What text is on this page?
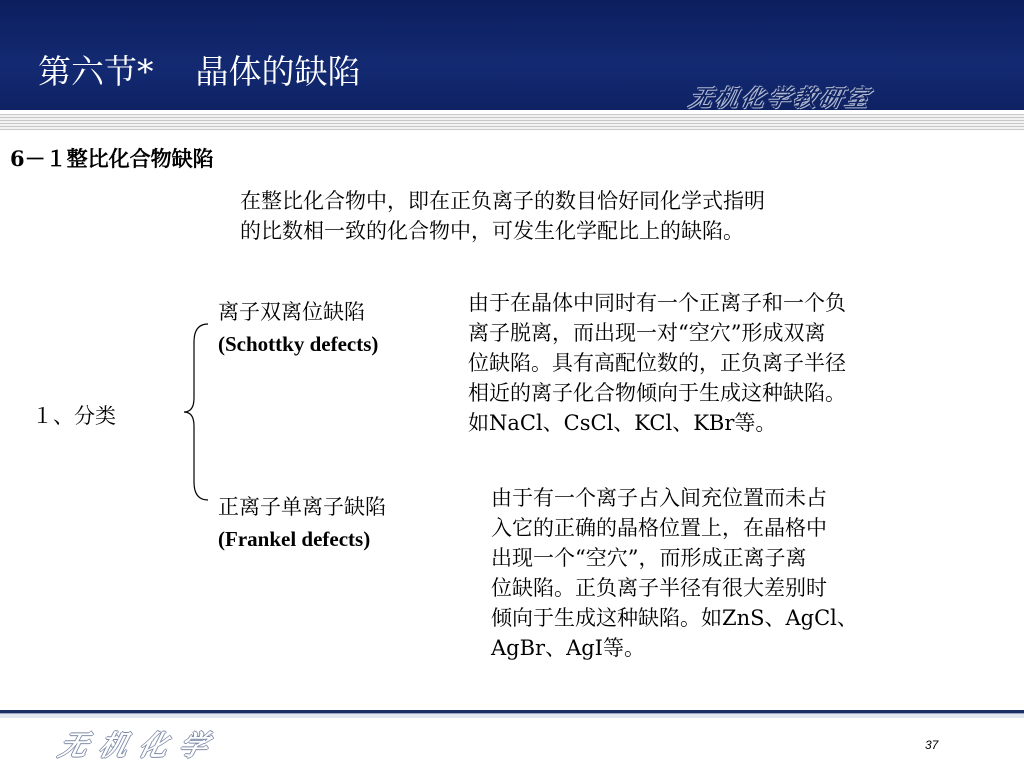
第六节*    晶体的缺陷
无机化学教研室
6－１整比化合物缺陷
在整比化合物中，即在正负离子的数目恰好同化学式指明
的比数相一致的化合物中，可发生化学配比上的缺陷。
１、分类
离子双离位缺陷
(Schottky defects)
由于在晶体中同时有一个正离子和一个负
离子脱离，而出现一对“空穴”形成双离
位缺陷。具有高配位数的，正负离子半径
相近的离子化合物倾向于生成这种缺陷。
如NaCl、CsCl、KCl、KBr等。
正离子单离子缺陷
(Frankel defects)
由于有一个离子占入间充位置而未占
入它的正确的晶格位置上，在晶格中
出现一个“空穴”，而形成正离子离
位缺陷。正负离子半径有很大差别时
倾向于生成这种缺陷。如ZnS、AgCl、
AgBr、AgI等。
无机化学	37
